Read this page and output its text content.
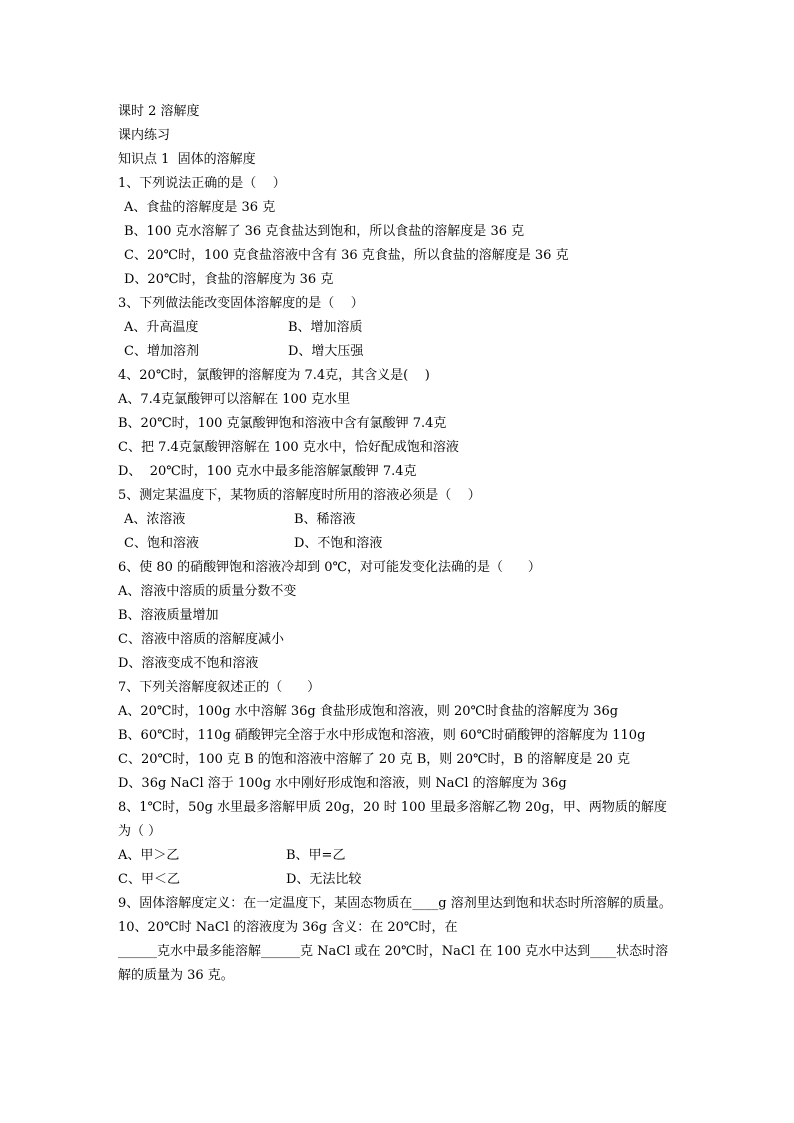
课时 2 溶解度
课内练习
知识点 1  固体的溶解度
1、下列说法正确的是（    ）
A、食盐的溶解度是 36 克
B、100 克水溶解了 36 克食盐达到饱和，所以食盐的溶解度是 36 克
C、20℃时，100 克食盐溶液中含有 36 克食盐，所以食盐的溶解度是 36 克
D、20℃时，食盐的溶解度为 36 克
3、下列做法能改变固体溶解度的是（    ）
A、升高温度	B、增加溶质
C、增加溶剂	D、增大压强
4、20℃时，氯酸钾的溶解度为 7.4克，其含义是(    )
A、7.4克氯酸钾可以溶解在 100 克水里
B、20℃时，100 克氯酸钾饱和溶液中含有氯酸钾 7.4克
C、把 7.4克氯酸钾溶解在 100 克水中，恰好配成饱和溶液
D、  20℃时，100 克水中最多能溶解氯酸钾 7.4克
5、测定某温度下，某物质的溶解度时所用的溶液必须是（    ）
A、浓溶液	B、稀溶液
C、饱和溶液	D、不饱和溶液
6、使 80 的硝酸钾饱和溶液冷却到 0℃，对可能发变化法确的是（      ）
A、溶液中溶质的质量分数不变
B、溶液质量增加
C、溶液中溶质的溶解度减小
D、溶液变成不饱和溶液
7、下列关溶解度叙述正的（      ）
A、20℃时，100g 水中溶解 36g 食盐形成饱和溶液，则 20℃时食盐的溶解度为 36g
B、60℃时，110g 硝酸钾完全溶于水中形成饱和溶液，则 60℃时硝酸钾的溶解度为 110g
C、20℃时，100 克 B 的饱和溶液中溶解了 20 克 B，则 20℃时，B 的溶解度是 20 克
D、36g NaCl 溶于 100g 水中刚好形成饱和溶液，则 NaCl 的溶解度为 36g
8、1℃时，50g 水里最多溶解甲质 20g，20 时 100 里最多溶解乙物 20g，甲、两物质的解度为（ ）
A、甲＞乙	B、甲=乙
C、甲＜乙	D、无法比较
9、固体溶解度定义：在一定温度下，某固态物质在____g 溶剂里达到饱和状态时所溶解的质量。
10、20℃时 NaCl 的溶液度为 36g 含义：在 20℃时，在
______克水中最多能溶解______克 NaCl 或在 20℃时，NaCl 在 100 克水中达到____状态时溶解的质量为 36 克。
